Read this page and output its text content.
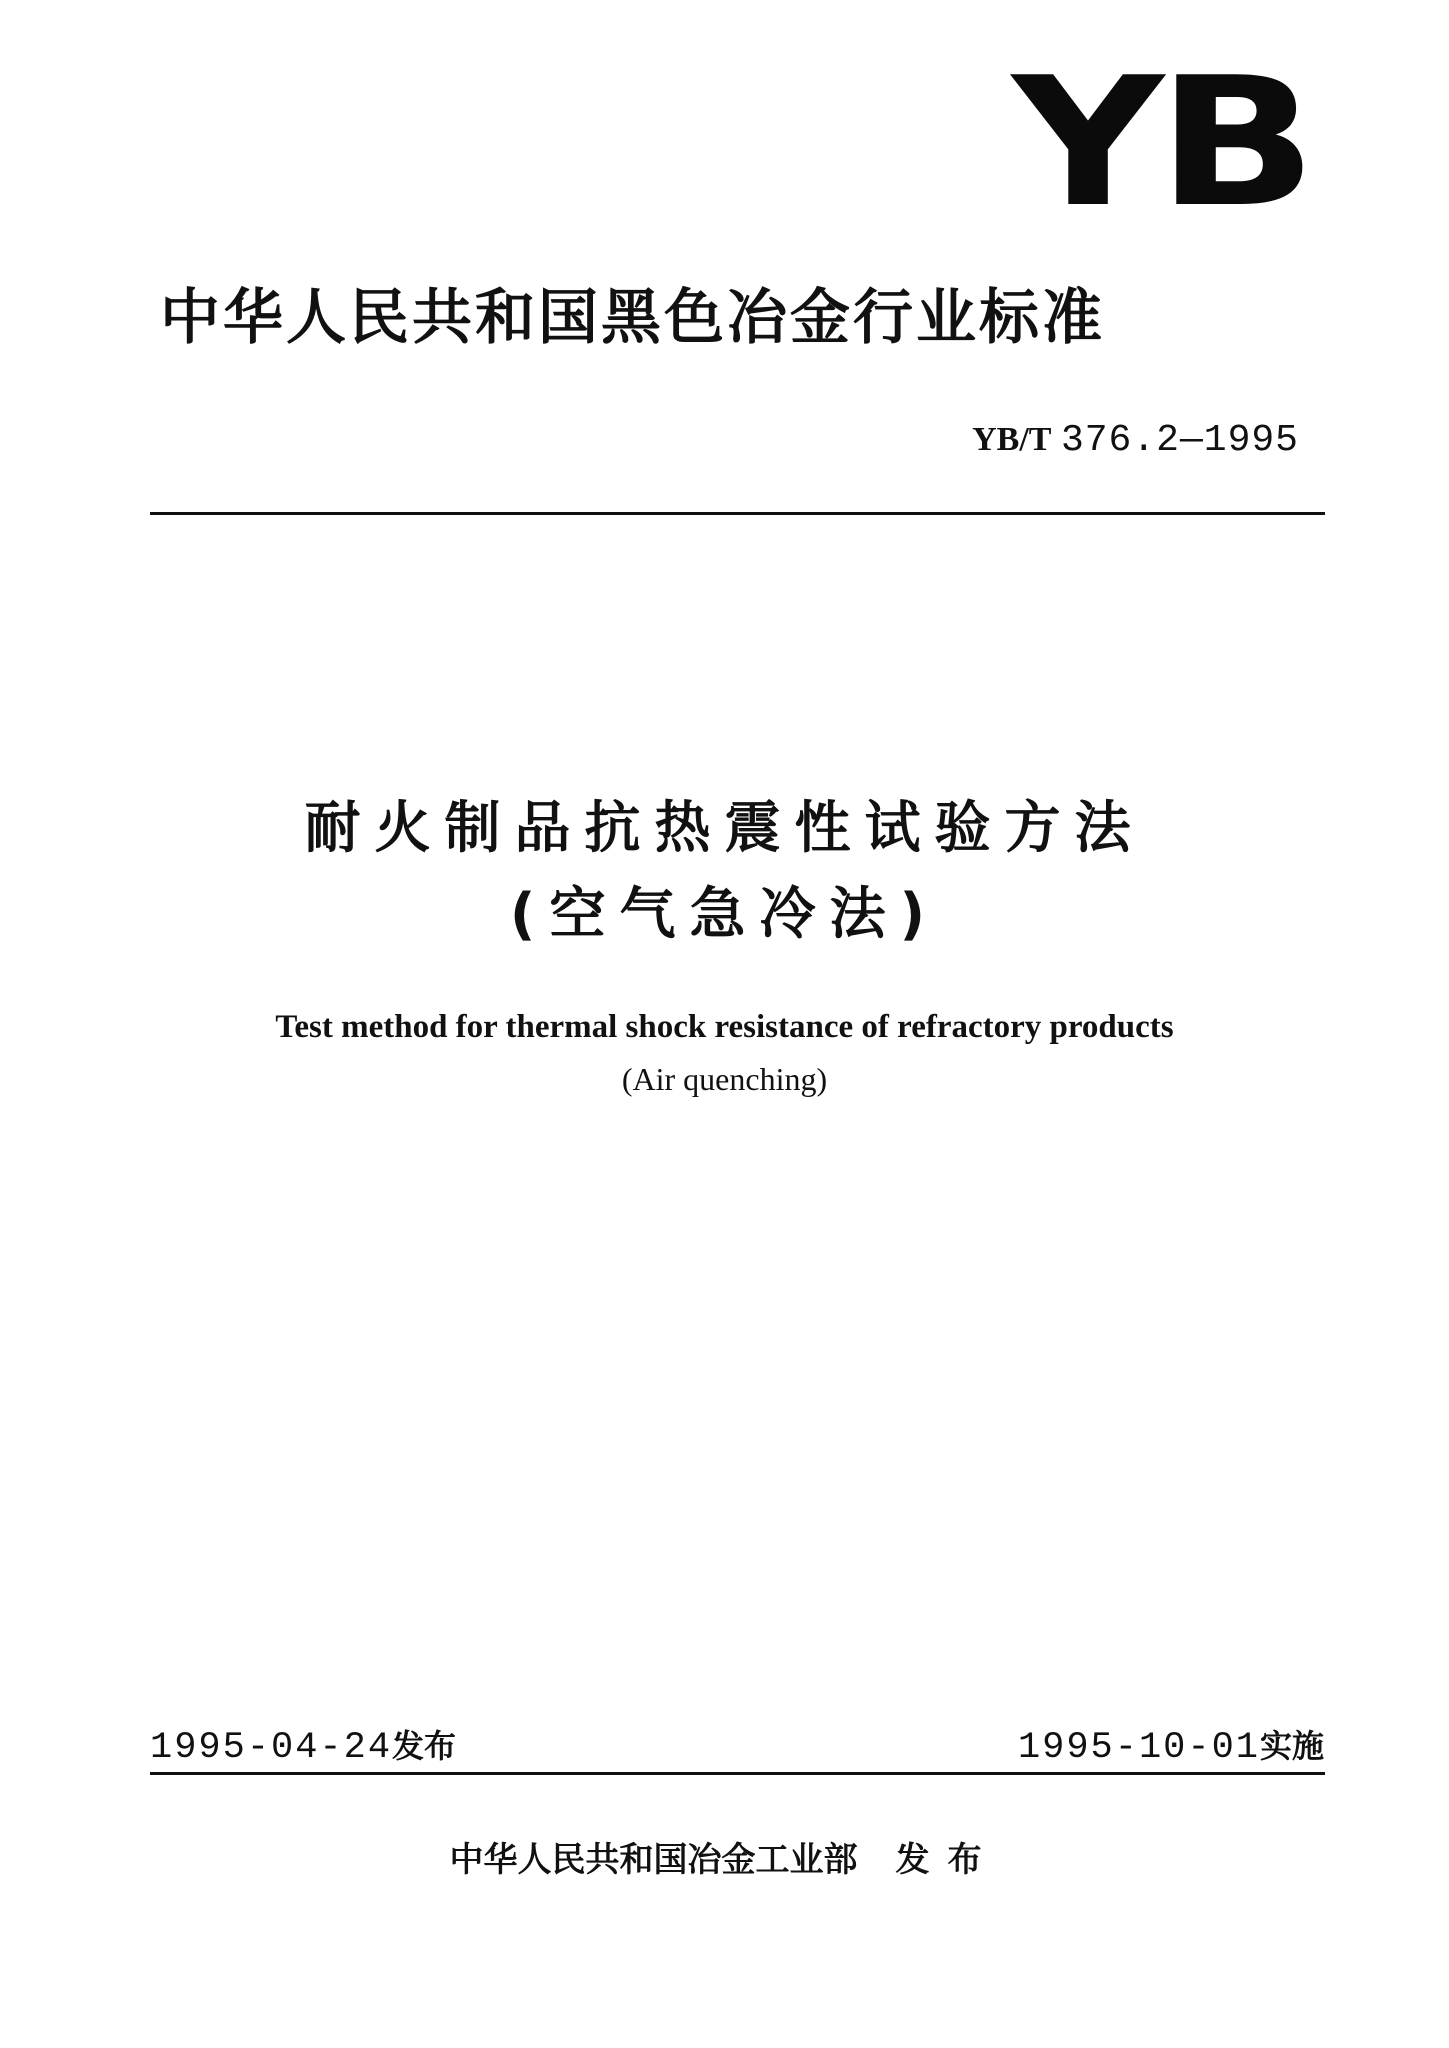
YB
中华人民共和国黑色冶金行业标准
YB/T 376.2—1995
耐火制品抗热震性试验方法
(空气急冷法)
Test method for thermal shock resistance of refractory products
(Air quenching)
1995-04-24发布	1995-10-01实施
中华人民共和国冶金工业部 发布
